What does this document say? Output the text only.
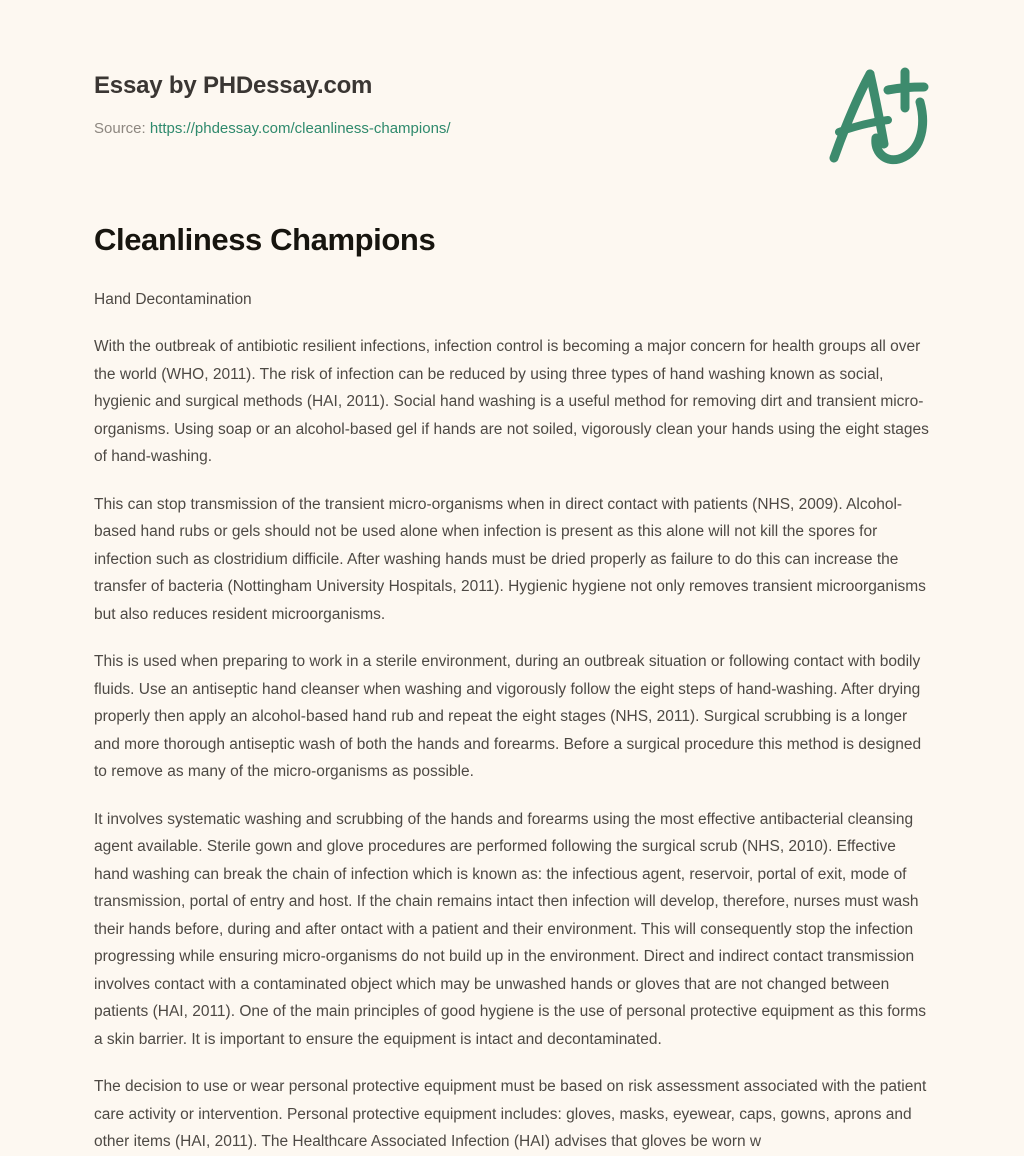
Essay by PHDessay.com
Source: https://phdessay.com/cleanliness-champions/
Cleanliness Champions

Hand Decontamination

With the outbreak of antibiotic resilient infections, infection control is becoming a major concern for health groups all over the world (WHO, 2011). The risk of infection can be reduced by using three types of hand washing known as social, hygienic and surgical methods (HAI, 2011). Social hand washing is a useful method for removing dirt and transient micro-organisms. Using soap or an alcohol-based gel if hands are not soiled, vigorously clean your hands using the eight stages of hand-washing.

This can stop transmission of the transient micro-organisms when in direct contact with patients (NHS, 2009). Alcohol-based hand rubs or gels should not be used alone when infection is present as this alone will not kill the spores for infection such as clostridium difficile. After washing hands must be dried properly as failure to do this can increase the transfer of bacteria (Nottingham University Hospitals, 2011). Hygienic hygiene not only removes transient microorganisms but also reduces resident microorganisms.

This is used when preparing to work in a sterile environment, during an outbreak situation or following contact with bodily fluids. Use an antiseptic hand cleanser when washing and vigorously follow the eight steps of hand-washing. After drying properly then apply an alcohol-based hand rub and repeat the eight stages (NHS, 2011). Surgical scrubbing is a longer and more thorough antiseptic wash of both the hands and forearms. Before a surgical procedure this method is designed to remove as many of the micro-organisms as possible.

It involves systematic washing and scrubbing of the hands and forearms using the most effective antibacterial cleansing agent available. Sterile gown and glove procedures are performed following the surgical scrub (NHS, 2010). Effective hand washing can break the chain of infection which is known as: the infectious agent, reservoir, portal of exit, mode of transmission, portal of entry and host. If the chain remains intact then infection will develop, therefore, nurses must wash their hands before, during and after ontact with a patient and their environment. This will consequently stop the infection progressing while ensuring micro-organisms do not build up in the environment. Direct and indirect contact transmission involves contact with a contaminated object which may be unwashed hands or gloves that are not changed between patients (HAI, 2011). One of the main principles of good hygiene is the use of personal protective equipment as this forms a skin barrier. It is important to ensure the equipment is intact and decontaminated.

The decision to use or wear personal protective equipment must be based on risk assessment associated with the patient care activity or intervention. Personal protective equipment includes: gloves, masks, eyewear, caps, gowns, aprons and other items (HAI, 2011). The Healthcare Associated Infection (HAI) advises that gloves be worn w
